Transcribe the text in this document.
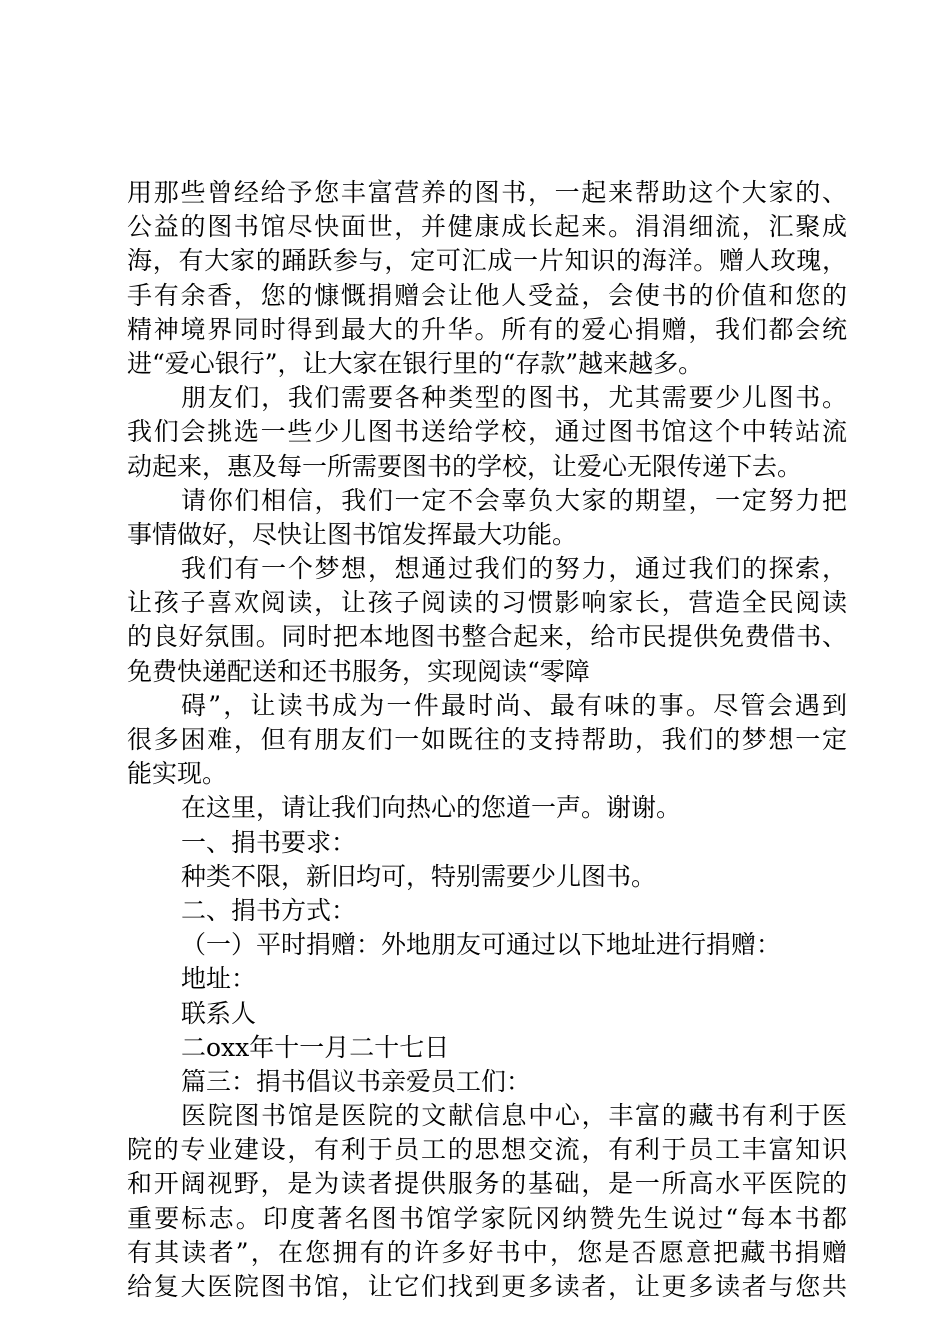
用那些曾经给予您丰富营养的图书，一起来帮助这个大家的、
公益的图书馆尽快面世，并健康成长起来。涓涓细流，汇聚成
海，有大家的踊跃参与，定可汇成一片知识的海洋。赠人玫瑰，
手有余香，您的慷慨捐赠会让他人受益，会使书的价值和您的
精神境界同时得到最大的升华。所有的爱心捐赠，我们都会统
进“爱心银行”，让大家在银行里的“存款”越来越多。
朋友们，我们需要各种类型的图书，尤其需要少儿图书。
我们会挑选一些少儿图书送给学校，通过图书馆这个中转站流
动起来，惠及每一所需要图书的学校，让爱心无限传递下去。
请你们相信，我们一定不会辜负大家的期望，一定努力把
事情做好，尽快让图书馆发挥最大功能。
我们有一个梦想，想通过我们的努力，通过我们的探索，
让孩子喜欢阅读，让孩子阅读的习惯影响家长，营造全民阅读
的良好氛围。同时把本地图书整合起来，给市民提供免费借书、
免费快递配送和还书服务，实现阅读“零障
碍”，让读书成为一件最时尚、最有味的事。尽管会遇到
很多困难，但有朋友们一如既往的支持帮助，我们的梦想一定
能实现。
在这里，请让我们向热心的您道一声。谢谢。
一、捐书要求：
种类不限，新旧均可，特别需要少儿图书。
二、捐书方式：
（一）平时捐赠：外地朋友可通过以下地址进行捐赠：
地址：
联系人
二oxx年十一月二十七日
篇三：捐书倡议书亲爱员工们：
医院图书馆是医院的文献信息中心，丰富的藏书有利于医
院的专业建设，有利于员工的思想交流，有利于员工丰富知识
和开阔视野，是为读者提供服务的基础，是一所高水平医院的
重要标志。印度著名图书馆学家阮冈纳赞先生说过“每本书都
有其读者”，在您拥有的许多好书中，您是否愿意把藏书捐赠
给复大医院图书馆，让它们找到更多读者，让更多读者与您共
